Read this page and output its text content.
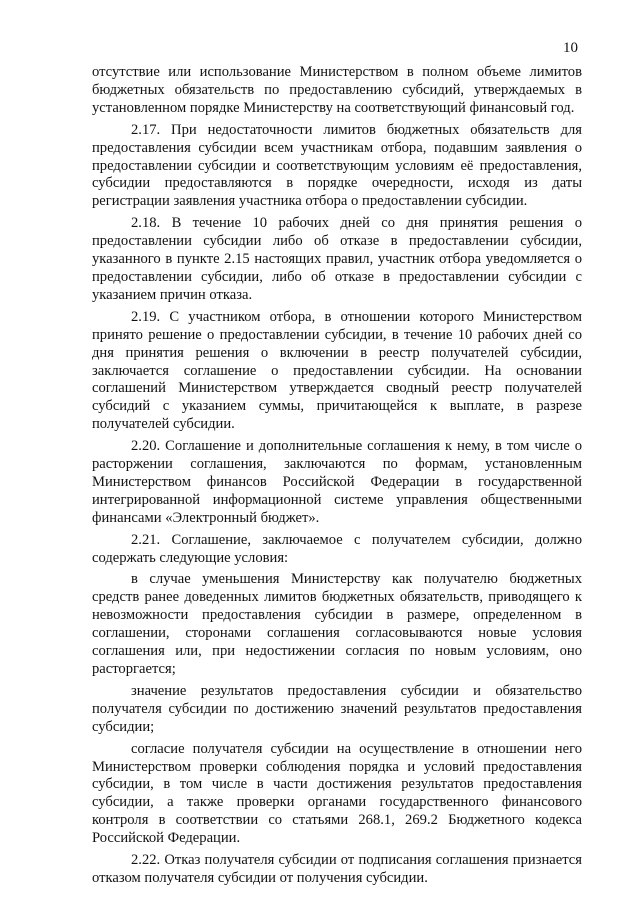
10

отсутствие или использование Министерством в полном объеме лимитов бюджетных обязательств по предоставлению субсидий, утверждаемых в установленном порядке Министерству на соответствующий финансовый год.

2.17. При недостаточности лимитов бюджетных обязательств для предоставления субсидии всем участникам отбора, подавшим заявления о предоставлении субсидии и соответствующим условиям её предоставления, субсидии предоставляются в порядке очередности, исходя из даты регистрации заявления участника отбора о предоставлении субсидии.

2.18. В течение 10 рабочих дней со дня принятия решения о предоставлении субсидии либо об отказе в предоставлении субсидии, указанного в пункте 2.15 настоящих правил, участник отбора уведомляется о предоставлении субсидии, либо об отказе в предоставлении субсидии с указанием причин отказа.

2.19. С участником отбора, в отношении которого Министерством принято решение о предоставлении субсидии, в течение 10 рабочих дней со дня принятия решения о включении в реестр получателей субсидии, заключается соглашение о предоставлении субсидии. На основании соглашений Министерством утверждается сводный реестр получателей субсидий с указанием суммы, причитающейся к выплате, в разрезе получателей субсидии.

2.20. Соглашение и дополнительные соглашения к нему, в том числе о расторжении соглашения, заключаются по формам, установленным Министерством финансов Российской Федерации в государственной интегрированной информационной системе управления общественными финансами «Электронный бюджет».

2.21. Соглашение, заключаемое с получателем субсидии, должно содержать следующие условия:

в случае уменьшения Министерству как получателю бюджетных средств ранее доведенных лимитов бюджетных обязательств, приводящего к невозможности предоставления субсидии в размере, определенном в соглашении, сторонами соглашения согласовываются новые условия соглашения или, при недостижении согласия по новым условиям, оно расторгается;

значение результатов предоставления субсидии и обязательство получателя субсидии по достижению значений результатов предоставления субсидии;

согласие получателя субсидии на осуществление в отношении него Министерством проверки соблюдения порядка и условий предоставления субсидии, в том числе в части достижения результатов предоставления субсидии, а также проверки органами государственного финансового контроля в соответствии со статьями 268.1, 269.2 Бюджетного кодекса Российской Федерации.

2.22. Отказ получателя субсидии от подписания соглашения признается отказом получателя субсидии от получения субсидии.
